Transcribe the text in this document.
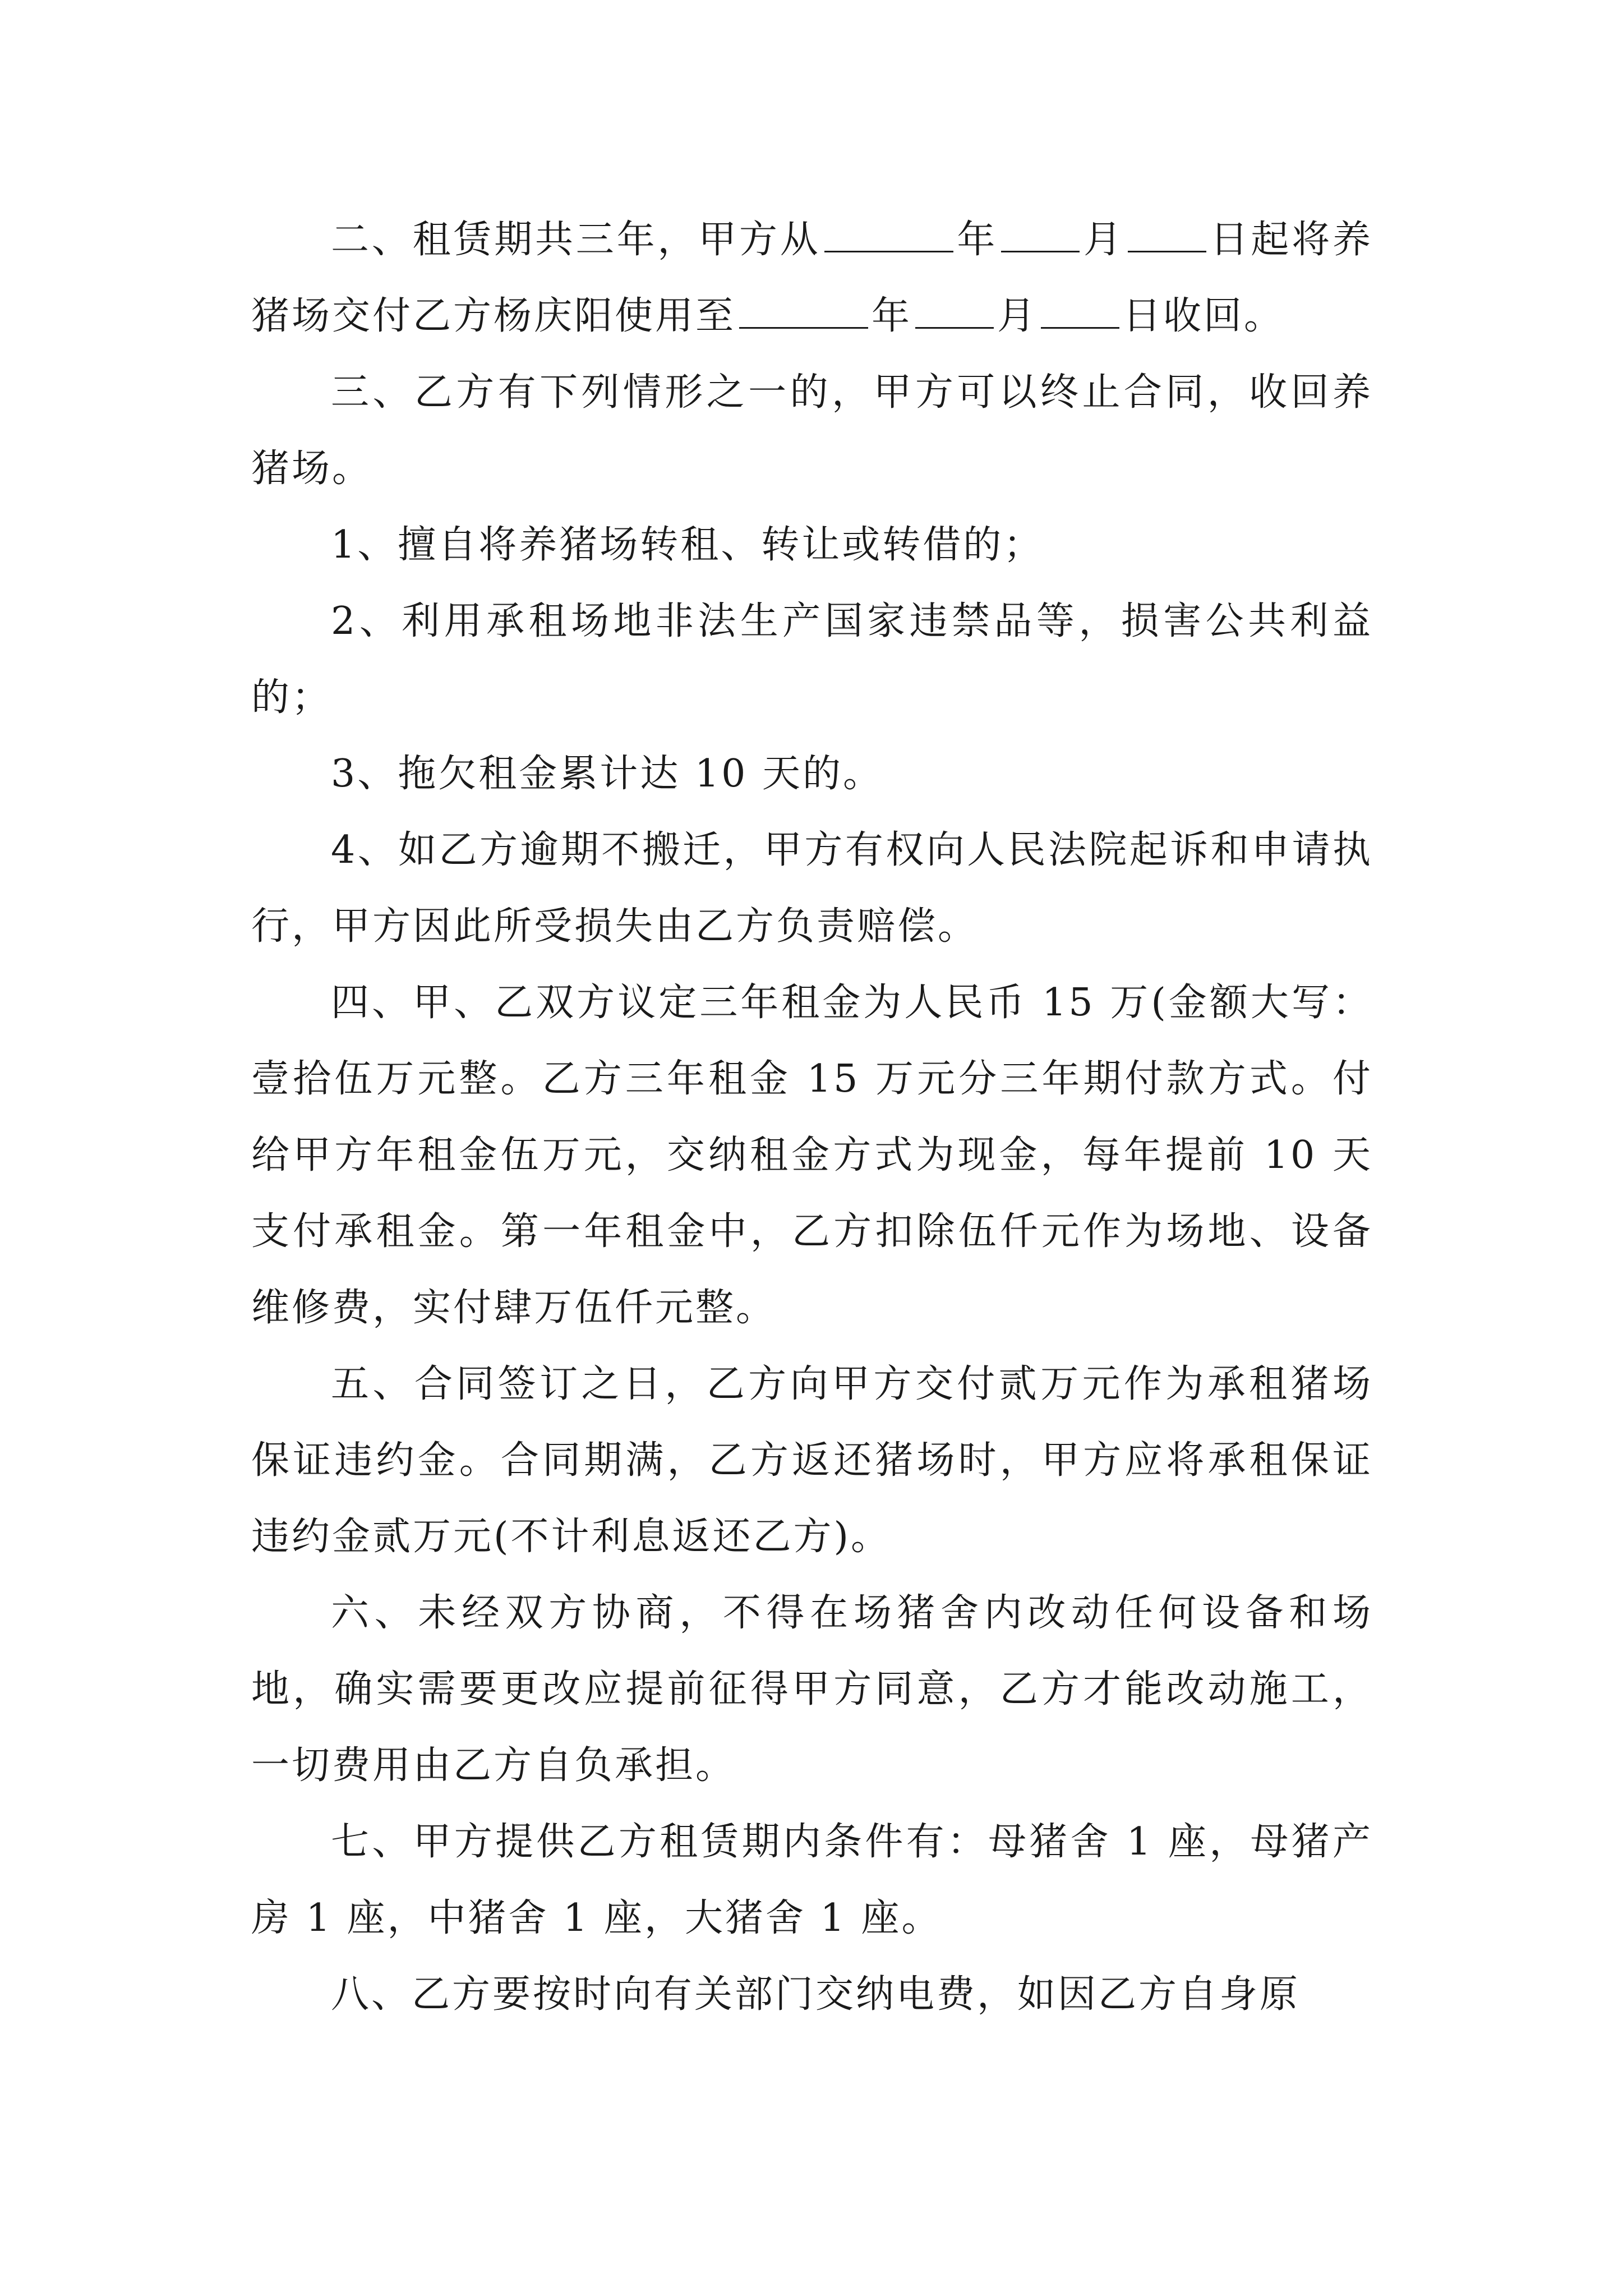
二、租赁期共三年，甲方从	年 月 日起将养猪场交付乙方杨庆阳使用至	年 月 日收回。

三、乙方有下列情形之一的，甲方可以终止合同，收回养猪场。

1、擅自将养猪场转租、转让或转借的；

2、利用承租场地非法生产国家违禁品等，损害公共利益的；

3、拖欠租金累计达 10 天的。

4、如乙方逾期不搬迁，甲方有权向人民法院起诉和申请执行，甲方因此所受损失由乙方负责赔偿。

四、甲、乙双方议定三年租金为人民币 15 万(金额大写：壹拾伍万元整。乙方三年租金 15 万元分三年期付款方式。付给甲方年租金伍万元，交纳租金方式为现金，每年提前 10 天支付承租金。第一年租金中，乙方扣除伍仟元作为场地、设备维修费，实付肆万伍仟元整。

五、合同签订之日，乙方向甲方交付贰万元作为承租猪场保证违约金。合同期满，乙方返还猪场时，甲方应将承租保证违约金贰万元(不计利息返还乙方)。

六、未经双方协商，不得在场猪舍内改动任何设备和场地，确实需要更改应提前征得甲方同意，乙方才能改动施工，一切费用由乙方自负承担。

七、甲方提供乙方租赁期内条件有：母猪舍 1 座，母猪产房 1 座，中猪舍 1 座，大猪舍 1 座。

八、乙方要按时向有关部门交纳电费，如因乙方自身原
